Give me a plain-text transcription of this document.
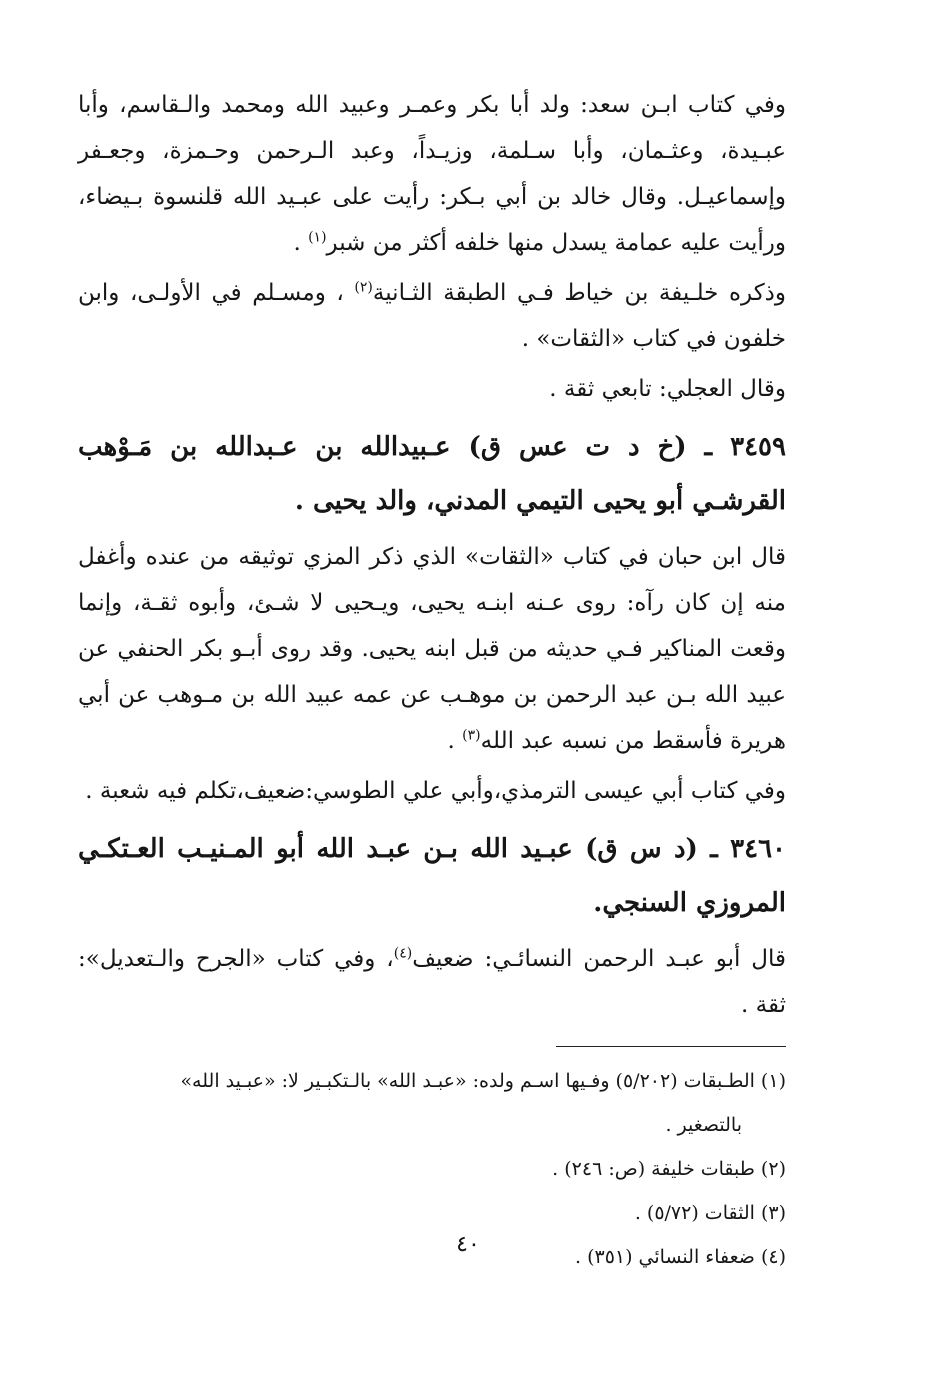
وفي كتاب ابـن سعد: ولد أبا بكر وعمـر وعبيد الله ومحمد والـقاسم، وأبا عبـيدة، وعثـمان، وأبا سـلمة، وزيـداً، وعبد الـرحمن وحـمزة، وجعـفر وإسماعيـل. وقال خالد بن أبي بـكر: رأيت على عبـيد الله قلنسوة بـيضاء، ورأيت عليه عمامة يسدل منها خلفه أكثر من شبر$^{(١)}$ .

وذكره خلـيفة بن خياط فـي الطبقة الثـانية$^{(٢)}$ ، ومسـلم في الأولـى، وابن خلفون في كتاب «الثقات» .

وقال العجلي: تابعي ثقة .

٣٤٥٩ ـ (خ د ت عس ق) عـبيدالله بن عـبدالله بن مَـوْهب القرشـي أبو يحيى التيمي المدني، والد يحيى .

قال ابن حبان في كتاب «الثقات» الذي ذكر المزي توثيقه من عنده وأغفل منه إن كان رآه: روى عـنه ابنـه يحيى، ويـحيى لا شـئ، وأبوه ثقـة، وإنما وقعت المناكير فـي حديثه من قبل ابنه يحيى. وقد روى أبـو بكر الحنفي عن عبيد الله بـن عبد الرحمن بن موهـب عن عمه عبيد الله بن مـوهب عن أبي هريرة فأسقط من نسبه عبد الله$^{(٣)}$ .

وفي كتاب أبي عيسى الترمذي،وأبي علي الطوسي:ضعيف،تكلم فيه شعبة .

٣٤٦٠ ـ (د س ق) عبـيد الله بـن عبـد الله أبو المـنيـب العـتكـي المروزي السنجي.

قال أبو عبـد الرحمن النسائـي: ضعيف$^{(٤)}$، وفي كتاب «الجرح والـتعديل»: ثقة .

(١) الطـبقات (٥/٢٠٢) وفـيها اسـم ولده: «عبـد الله» بالـتكبـير لا: «عبـيد الله»

بالتصغير .

(٢) طبقات خليفة (ص: ٢٤٦) .

(٣) الثقات (٥/٧٢) .

(٤) ضعفاء النسائي (٣٥١) .

٤٠
